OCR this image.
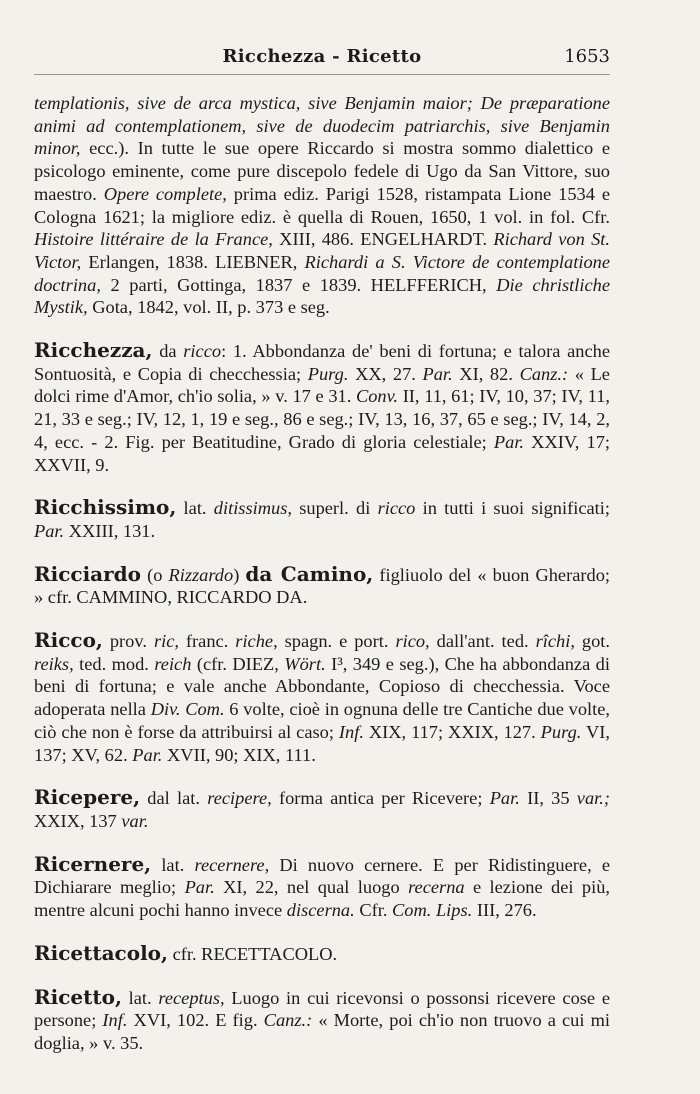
Ricchezza - Ricetto	1653

templationis, sive de arca mystica, sive Benjamin maior; De præparatione animi ad contemplationem, sive de duodecim patriarchis, sive Benjamin minor, ecc.). In tutte le sue opere Riccardo si mostra sommo dialettico e psicologo eminente, come pure discepolo fedele di Ugo da San Vittore, suo maestro. Opere complete, prima ediz. Parigi 1528, ristampata Lione 1534 e Cologna 1621; la migliore ediz. è quella di Rouen, 1650, 1 vol. in fol. Cfr. Histoire littéraire de la France, XIII, 486. ENGELHARDT. Richard von St. Victor, Erlangen, 1838. LIEBNER, Richardi a S. Victore de contemplatione doctrina, 2 parti, Gottinga, 1837 e 1839. HELFFERICH, Die christliche Mystik, Gota, 1842, vol. II, p. 373 e seg.

Ricchezza, da ricco: 1. Abbondanza de' beni di fortuna; e talora anche Sontuosità, e Copia di checchessia; Purg. XX, 27. Par. XI, 82. Canz.: « Le dolci rime d'Amor, ch'io solia, » v. 17 e 31. Conv. II, 11, 61; IV, 10, 37; IV, 11, 21, 33 e seg.; IV, 12, 1, 19 e seg., 86 e seg.; IV, 13, 16, 37, 65 e seg.; IV, 14, 2, 4, ecc. - 2. Fig. per Beatitudine, Grado di gloria celestiale; Par. XXIV, 17; XXVII, 9.

Ricchissimo, lat. ditissimus, superl. di ricco in tutti i suoi significati; Par. XXIII, 131.

Ricciardo (o Rizzardo) da Camino, figliuolo del « buon Gherardo; » cfr. CAMMINO, RICCARDO DA.

Ricco, prov. ric, franc. riche, spagn. e port. rico, dall'ant. ted. rîchi, got. reiks, ted. mod. reich (cfr. DIEZ, Wört. I³, 349 e seg.), Che ha abbondanza di beni di fortuna; e vale anche Abbondante, Copioso di checchessia. Voce adoperata nella Div. Com. 6 volte, cioè in ognuna delle tre Cantiche due volte, ciò che non è forse da attribuirsi al caso; Inf. XIX, 117; XXIX, 127. Purg. VI, 137; XV, 62. Par. XVII, 90; XIX, 111.

Ricepere, dal lat. recipere, forma antica per Ricevere; Par. II, 35 var.; XXIX, 137 var.

Ricernere, lat. recernere, Di nuovo cernere. E per Ridistinguere, e Dichiarare meglio; Par. XI, 22, nel qual luogo recerna e lezione dei più, mentre alcuni pochi hanno invece discerna. Cfr. Com. Lips. III, 276.

Ricettacolo, cfr. RECETTACOLO.

Ricetto, lat. receptus, Luogo in cui ricevonsi o possonsi ricevere cose e persone; Inf. XVI, 102. E fig. Canz.: « Morte, poi ch'io non truovo a cui mi doglia, » v. 35.
